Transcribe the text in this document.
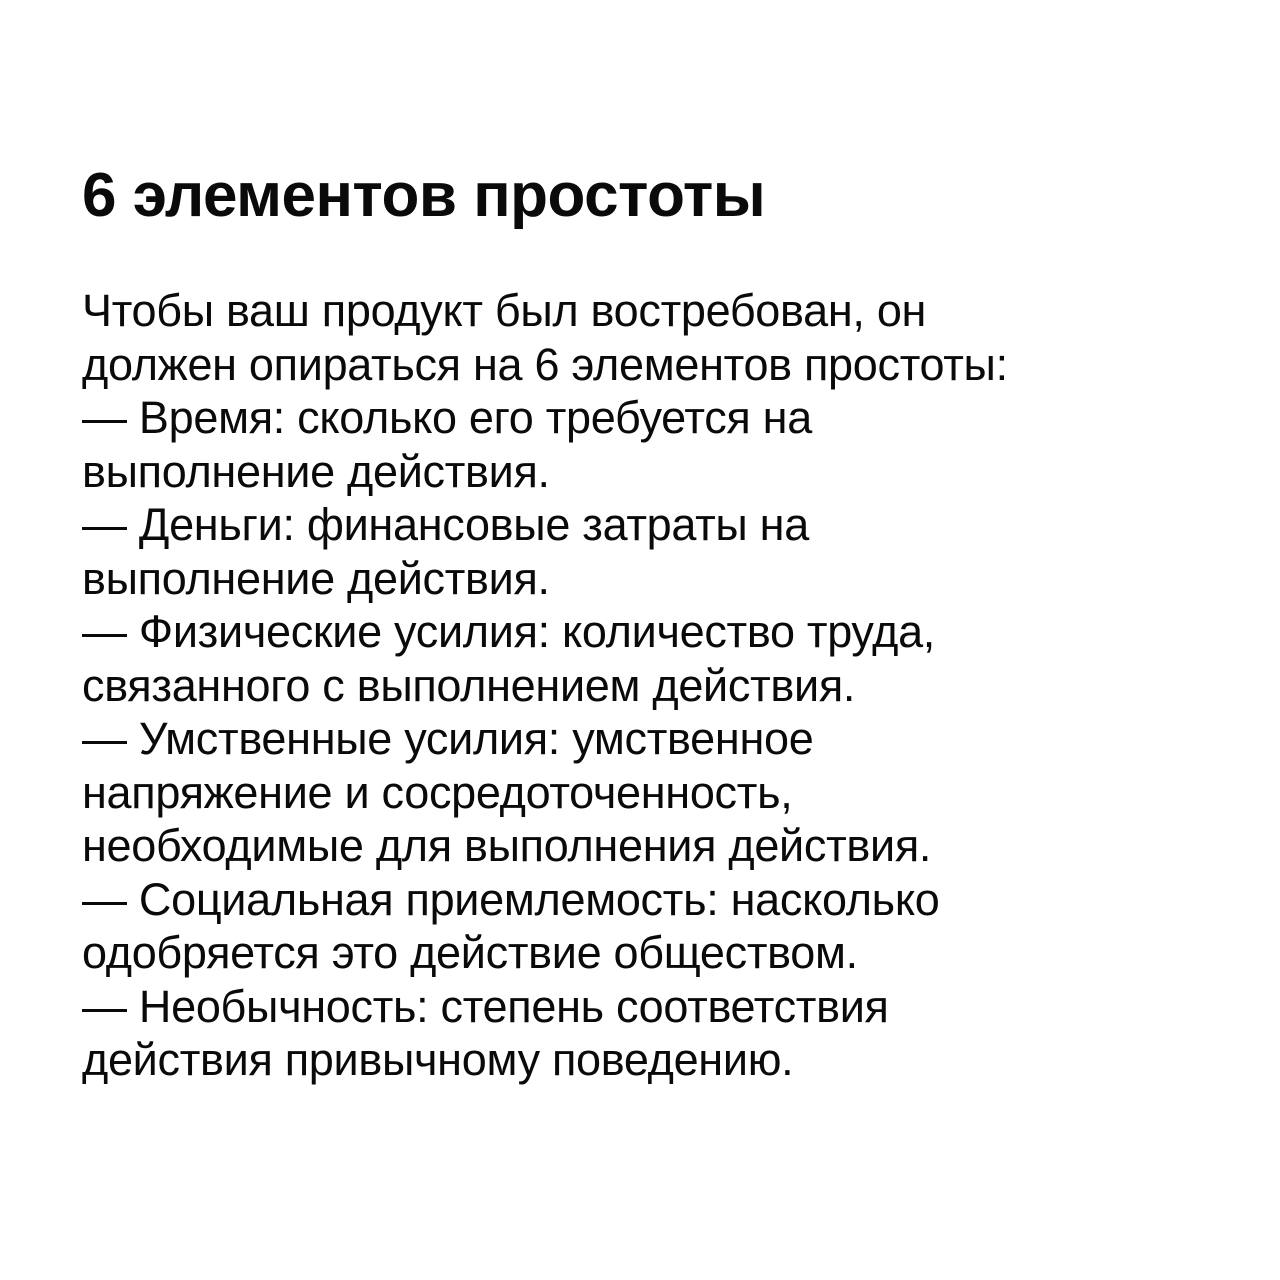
6 элементов простоты
Чтобы ваш продукт был востребован, он
должен опираться на 6 элементов простоты:
— Время: сколько его требуется на
выполнение действия.
— Деньги: финансовые затраты на
выполнение действия.
— Физические усилия: количество труда,
связанного с выполнением действия.
— Умственные усилия: умственное
напряжение и сосредоточенность,
необходимые для выполнения действия.
— Социальная приемлемость: насколько
одобряется это действие обществом.
— Необычность: степень соответствия
действия привычному поведению.
